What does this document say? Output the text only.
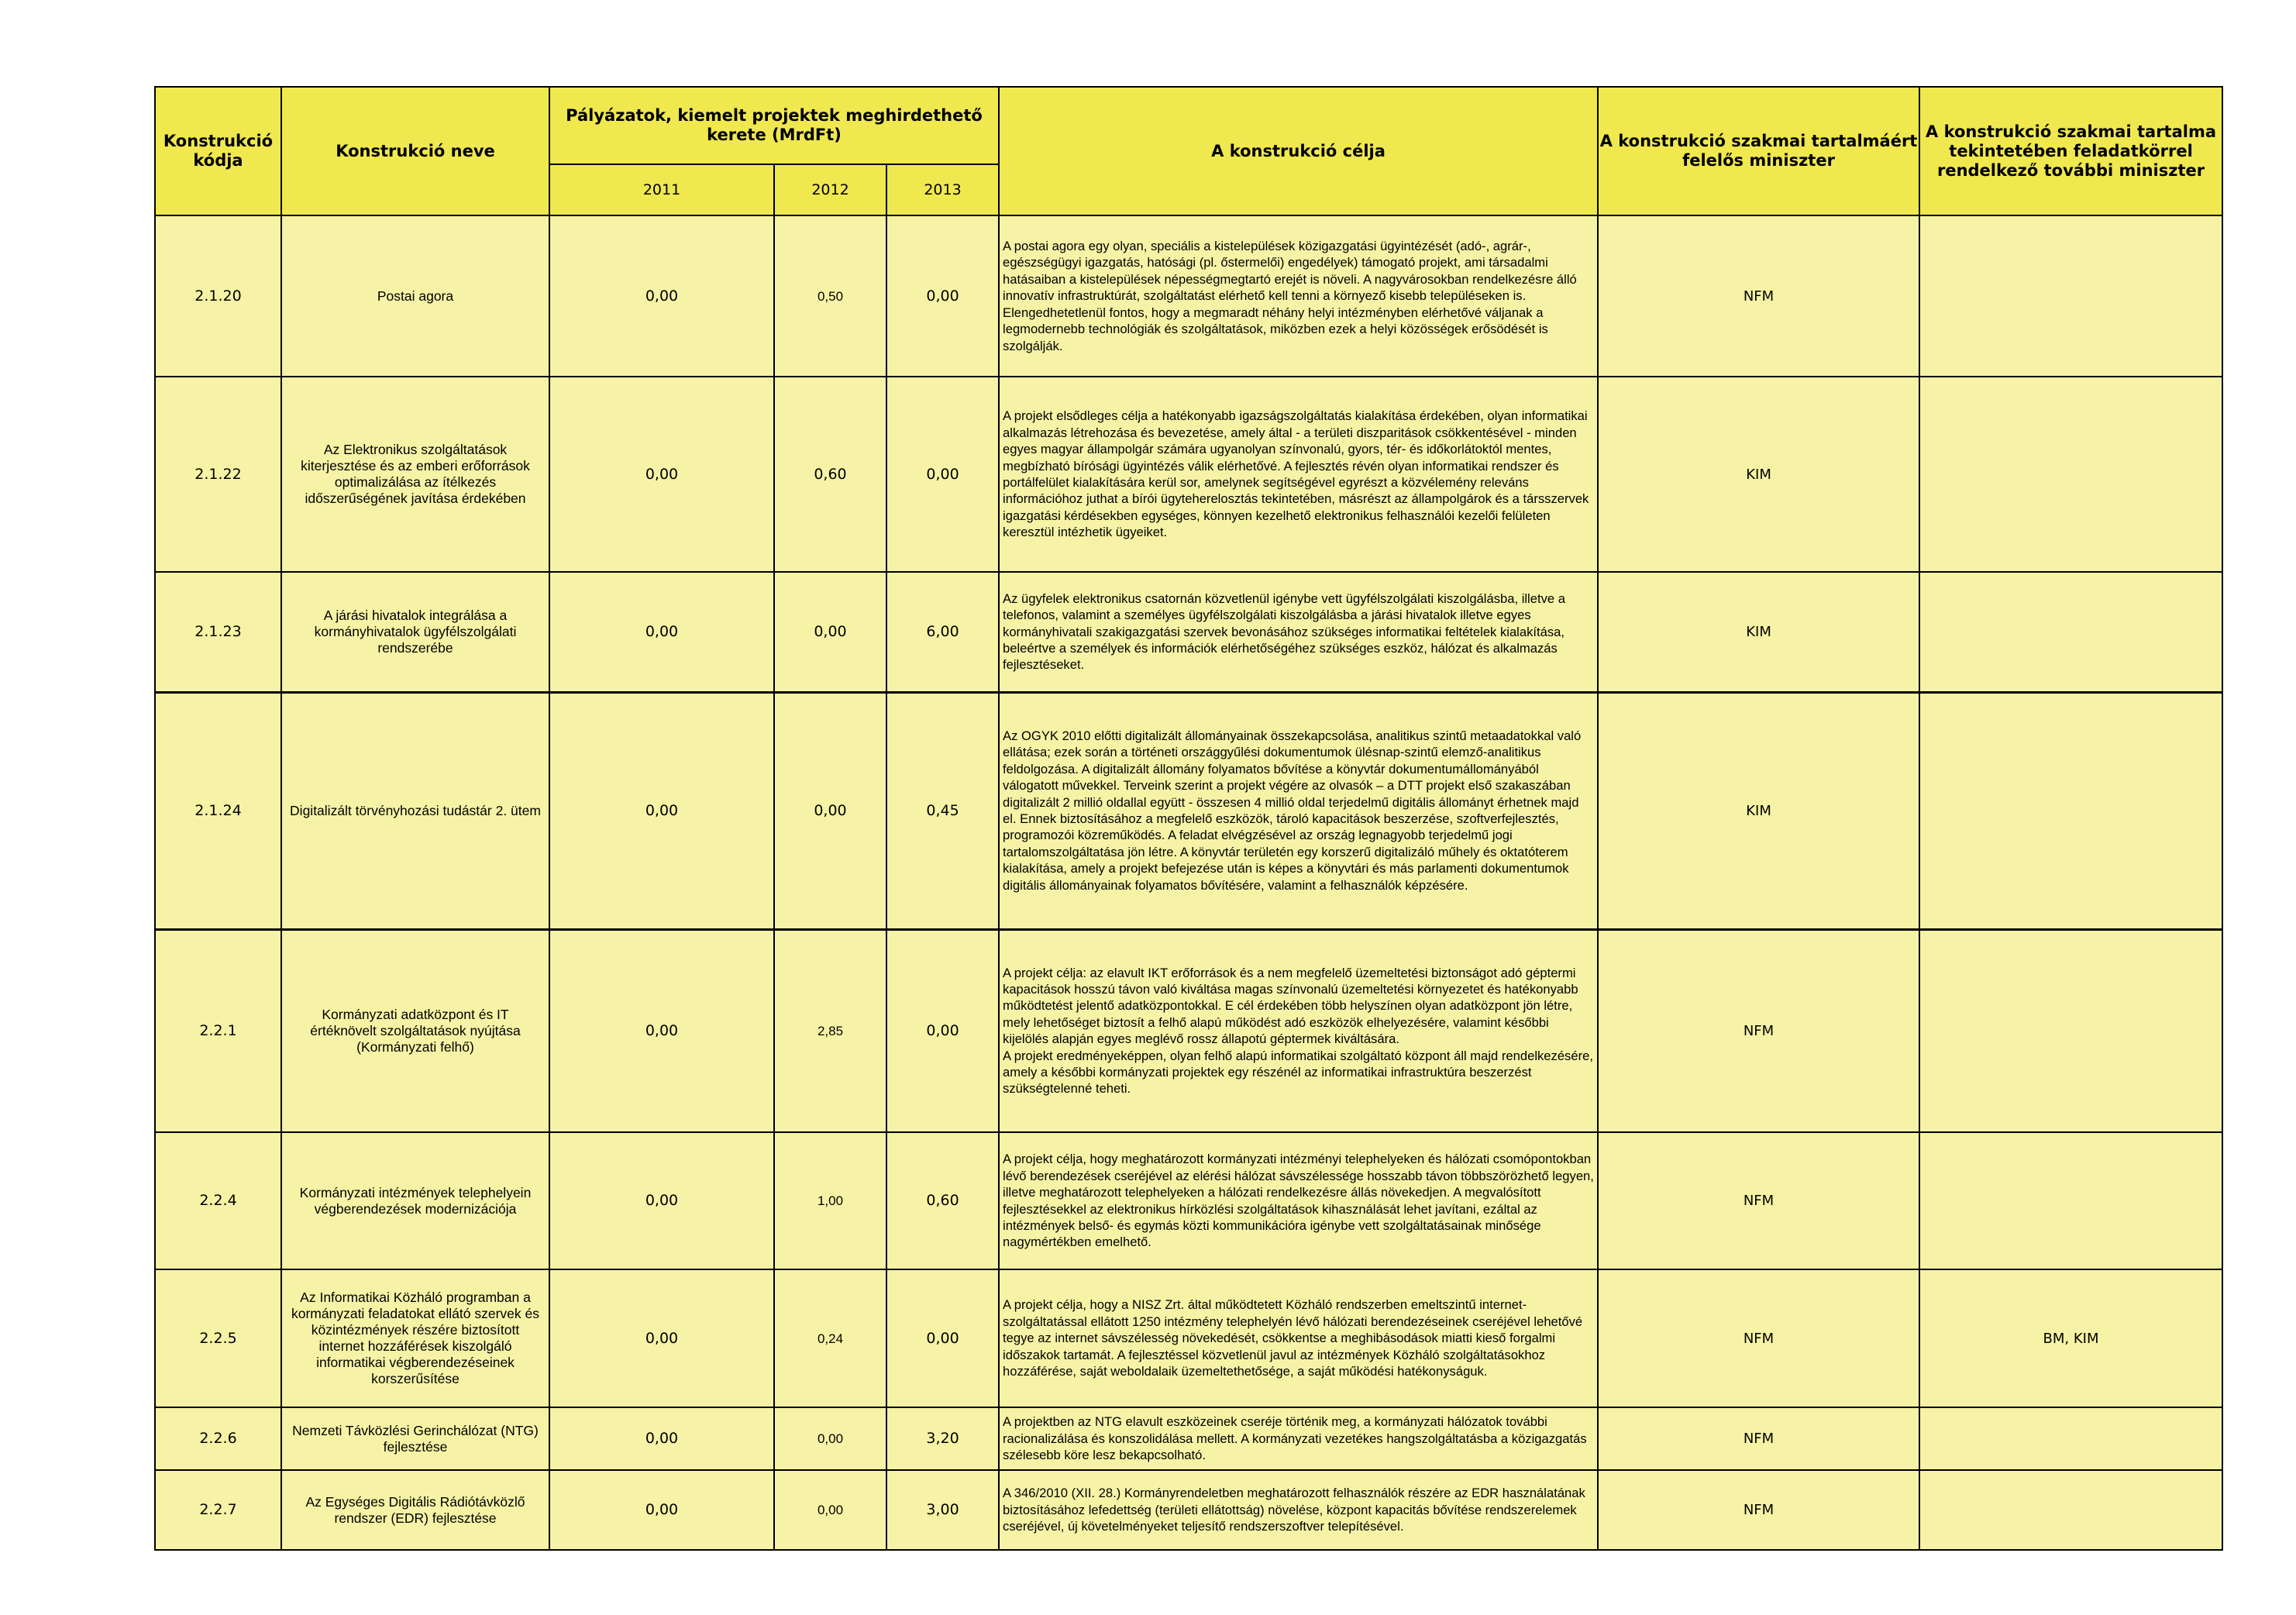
Konstrukció kódja	Konstrukció neve	Pályázatok, kiemelt projektek meghirdethető kerete (MrdFt)			A konstrukció célja	A konstrukció szakmai tartalmáért felelős miniszter	A konstrukció szakmai tartalma tekintetében feladatkörrel rendelkező további miniszter
		2011	2012	2013			
2.1.20	Postai agora	0,00	0,50	0,00	A postai agora egy olyan, speciális a kistelepülések közigazgatási ügyintézését (adó-, agrár-, egészségügyi igazgatás, hatósági (pl. őstermelői) engedélyek) támogató projekt, ami társadalmi hatásaiban a kistelepülések népességmegtartó erejét is növeli. A nagyvárosokban rendelkezésre álló innovatív infrastruktúrát, szolgáltatást elérhető kell tenni a környező kisebb településeken is. Elengedhetetlenül fontos, hogy a megmaradt néhány helyi intézményben elérhetővé váljanak a legmodernebb technológiák és szolgáltatások, miközben ezek a helyi közösségek erősödését is szolgálják.	NFM	
2.1.22	Az Elektronikus szolgáltatások kiterjesztése és az emberi erőforrások optimalizálása az ítélkezés időszerűségének javítása érdekében	0,00	0,60	0,00	A projekt elsődleges célja a hatékonyabb igazságszolgáltatás kialakítása érdekében, olyan informatikai alkalmazás létrehozása és bevezetése, amely által - a területi diszparitások csökkentésével - minden egyes magyar állampolgár számára ugyanolyan színvonalú, gyors, tér- és időkorlátoktól mentes, megbízható bírósági ügyintézés válik elérhetővé. A fejlesztés révén olyan informatikai rendszer és portálfelület kialakítására kerül sor, amelynek segítségével egyrészt a közvélemény releváns információhoz juthat a bírói ügyteherelosztás tekintetében, másrészt az állampolgárok és a társszervek igazgatási kérdésekben egységes, könnyen kezelhető elektronikus felhasználói kezelői felületen keresztül intézhetik ügyeiket.	KIM	
2.1.23	A járási hivatalok integrálása a kormányhivatalok ügyfélszolgálati rendszerébe	0,00	0,00	6,00	Az ügyfelek elektronikus csatornán közvetlenül igénybe vett ügyfélszolgálati kiszolgálásba, illetve a telefonos, valamint a személyes ügyfélszolgálati kiszolgálásba a járási hivatalok illetve egyes kormányhivatali szakigazgatási szervek bevonásához szükséges informatikai feltételek kialakítása, beleértve a személyek és információk elérhetőségéhez szükséges eszköz, hálózat és alkalmazás fejlesztéseket.	KIM	
2.1.24	Digitalizált törvényhozási tudástár 2. ütem	0,00	0,00	0,45	Az OGYK 2010 előtti digitalizált állományainak összekapcsolása, analitikus szintű metaadatokkal való ellátása; ezek során a történeti országgyűlési dokumentumok ülésnap-szintű elemző-analitikus feldolgozása. A digitalizált állomány folyamatos bővítése a könyvtár dokumentumállományából válogatott művekkel. Terveink szerint a projekt végére az olvasók – a DTT projekt első szakaszában digitalizált 2 millió oldallal együtt - összesen 4 millió oldal terjedelmű digitális állományt érhetnek majd el. Ennek biztosításához a megfelelő eszközök, tároló kapacitások beszerzése, szoftverfejlesztés, programozói közreműködés. A feladat elvégzésével az ország legnagyobb terjedelmű jogi tartalomszolgáltatása jön létre. A könyvtár területén egy korszerű digitalizáló műhely és oktatóterem kialakítása, amely a projekt befejezése után is képes a könyvtári és más parlamenti dokumentumok digitális állományainak folyamatos bővítésére, valamint a felhasználók képzésére.	KIM	
2.2.1	Kormányzati adatközpont és IT értéknövelt szolgáltatások nyújtása (Kormányzati felhő)	0,00	2,85	0,00	A projekt célja: az elavult IKT erőforrások és a nem megfelelő üzemeltetési biztonságot adó géptermi kapacitások hosszú távon való kiváltása magas színvonalú üzemeltetési környezetet és hatékonyabb működtetést jelentő adatközpontokkal. E cél érdekében több helyszínen olyan adatközpont jön létre, mely lehetőséget biztosít a felhő alapú működést adó eszközök elhelyezésére, valamint későbbi kijelölés alapján egyes meglévő rossz állapotú géptermek kiváltására.
A projekt eredményeképpen, olyan felhő alapú informatikai szolgáltató központ áll majd rendelkezésére, amely a későbbi kormányzati projektek egy részénél az informatikai infrastruktúra beszerzést szükségtelenné teheti.	NFM	
2.2.4	Kormányzati intézmények telephelyein végberendezések modernizációja	0,00	1,00	0,60	A projekt célja, hogy meghatározott kormányzati intézményi telephelyeken és hálózati csomópontokban lévő berendezések cseréjével az elérési hálózat sávszélessége hosszabb távon többszörözhető legyen, illetve meghatározott telephelyeken a hálózati rendelkezésre állás növekedjen. A megvalósított fejlesztésekkel az elektronikus hírközlési szolgáltatások kihasználását lehet javítani, ezáltal az intézmények belső- és egymás közti kommunikációra igénybe vett szolgáltatásainak minősége nagymértékben emelhető.	NFM	
2.2.5	Az Informatikai Közháló programban a kormányzati feladatokat ellátó szervek és közintézmények részére biztosított internet hozzáférések kiszolgáló informatikai végberendezéseinek korszerűsítése	0,00	0,24	0,00	A projekt célja, hogy a NISZ Zrt. által működtetett Közháló rendszerben emeltszintű internet-szolgáltatással ellátott 1250 intézmény telephelyén lévő hálózati berendezéseinek cseréjével lehetővé tegye az internet sávszélesség növekedését, csökkentse a meghibásodások miatti kieső forgalmi időszakok tartamát. A fejlesztéssel közvetlenül javul az intézmények Közháló szolgáltatásokhoz hozzáférése, saját weboldalaik üzemeltethetősége, a saját működési hatékonyságuk.	NFM	BM, KIM
2.2.6	Nemzeti Távközlési Gerinchálózat (NTG) fejlesztése	0,00	0,00	3,20	A projektben az NTG elavult eszközeinek cseréje történik meg, a kormányzati hálózatok további racionalizálása és konszolidálása mellett. A kormányzati vezetékes hangszolgáltatásba a közigazgatás szélesebb köre lesz bekapcsolható.	NFM	
2.2.7	Az Egységes Digitális Rádiótávközlő rendszer (EDR) fejlesztése	0,00	0,00	3,00	A 346/2010 (XII. 28.) Kormányrendeletben meghatározott felhasználók részére az EDR használatának biztosításához lefedettség (területi ellátottság) növelése, központ kapacitás bővítése rendszerelemek cseréjével, új követelményeket teljesítő rendszerszoftver telepítésével.	NFM	
